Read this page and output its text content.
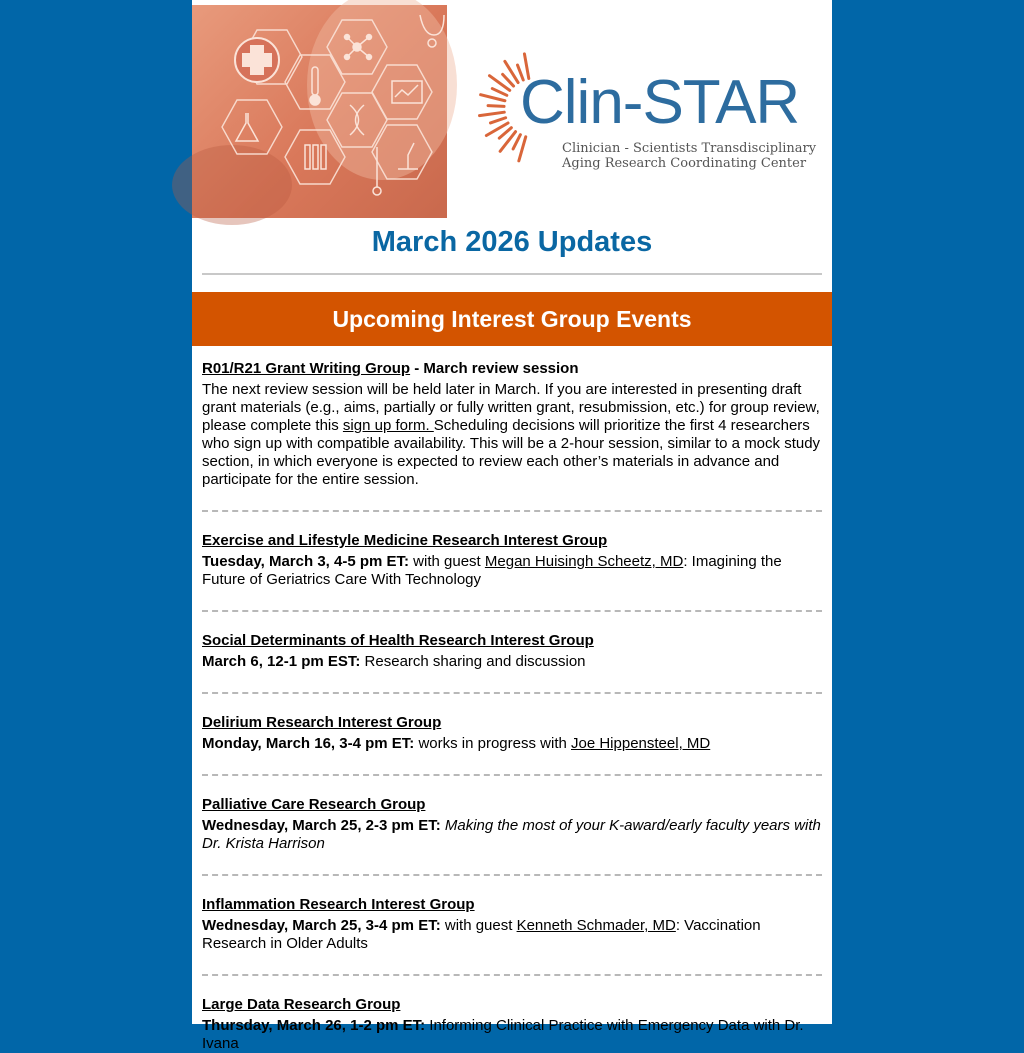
Clin-STAR
Clinician - Scientists Transdisciplinary
Aging Research Coordinating Center
March 2026 Updates
Upcoming Interest Group Events

R01/R21 Grant Writing Group - March review session

The next review session will be held later in March. If you are interested in presenting draft grant materials (e.g., aims, partially or fully written grant, resubmission, etc.) for group review, please complete this sign up form. Scheduling decisions will prioritize the first 4 researchers who sign up with compatible availability. This will be a 2-hour session, similar to a mock study section, in which everyone is expected to review each other’s materials in advance and participate for the entire session.

Exercise and Lifestyle Medicine Research Interest Group

Tuesday, March 3, 4-5 pm ET: with guest Megan Huisingh Scheetz, MD: Imagining the Future of Geriatrics Care With Technology

Social Determinants of Health Research Interest Group

March 6, 12-1 pm EST: Research sharing and discussion

Delirium Research Interest Group

Monday, March 16, 3-4 pm ET: works in progress with Joe Hippensteel, MD

Palliative Care Research Group

Wednesday, March 25, 2-3 pm ET: Making the most of your K-award/early faculty years with Dr. Krista Harrison

Inflammation Research Interest Group

Wednesday, March 25, 3-4 pm ET: with guest Kenneth Schmader, MD: Vaccination Research in Older Adults

Large Data Research Group

Thursday, March 26, 1-2 pm ET: Informing Clinical Practice with Emergency Data with Dr. Ivana
